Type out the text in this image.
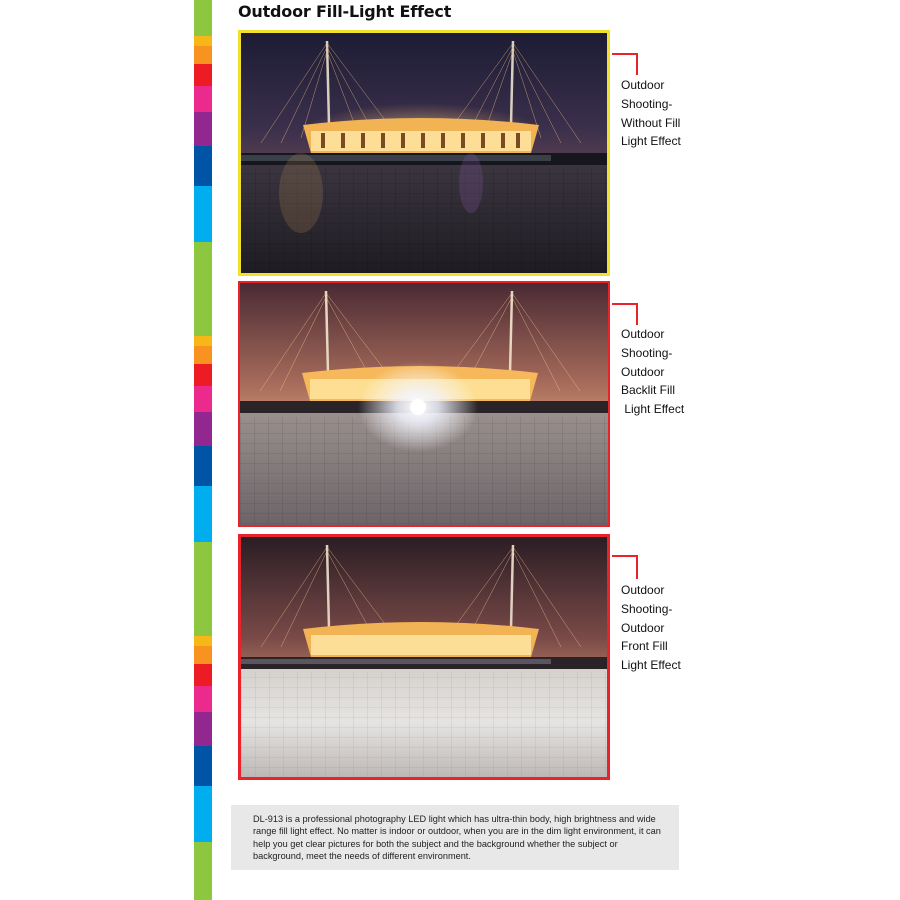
Outdoor Fill-Light Effect
Outdoor
Shooting-
Without Fill
Light Effect
Outdoor
Shooting-
Outdoor
Backlit Fill
Light Effect
Outdoor
Shooting-
Outdoor
Front Fill
Light Effect
DL-913 is a professional photography LED light which has ultra-thin body, high brightness and wide range fill light effect. No matter is indoor or outdoor, when you are in the dim light environment, it can help you get clear pictures for both the subject and the background whether the subject or background, meet the needs of different environment.
